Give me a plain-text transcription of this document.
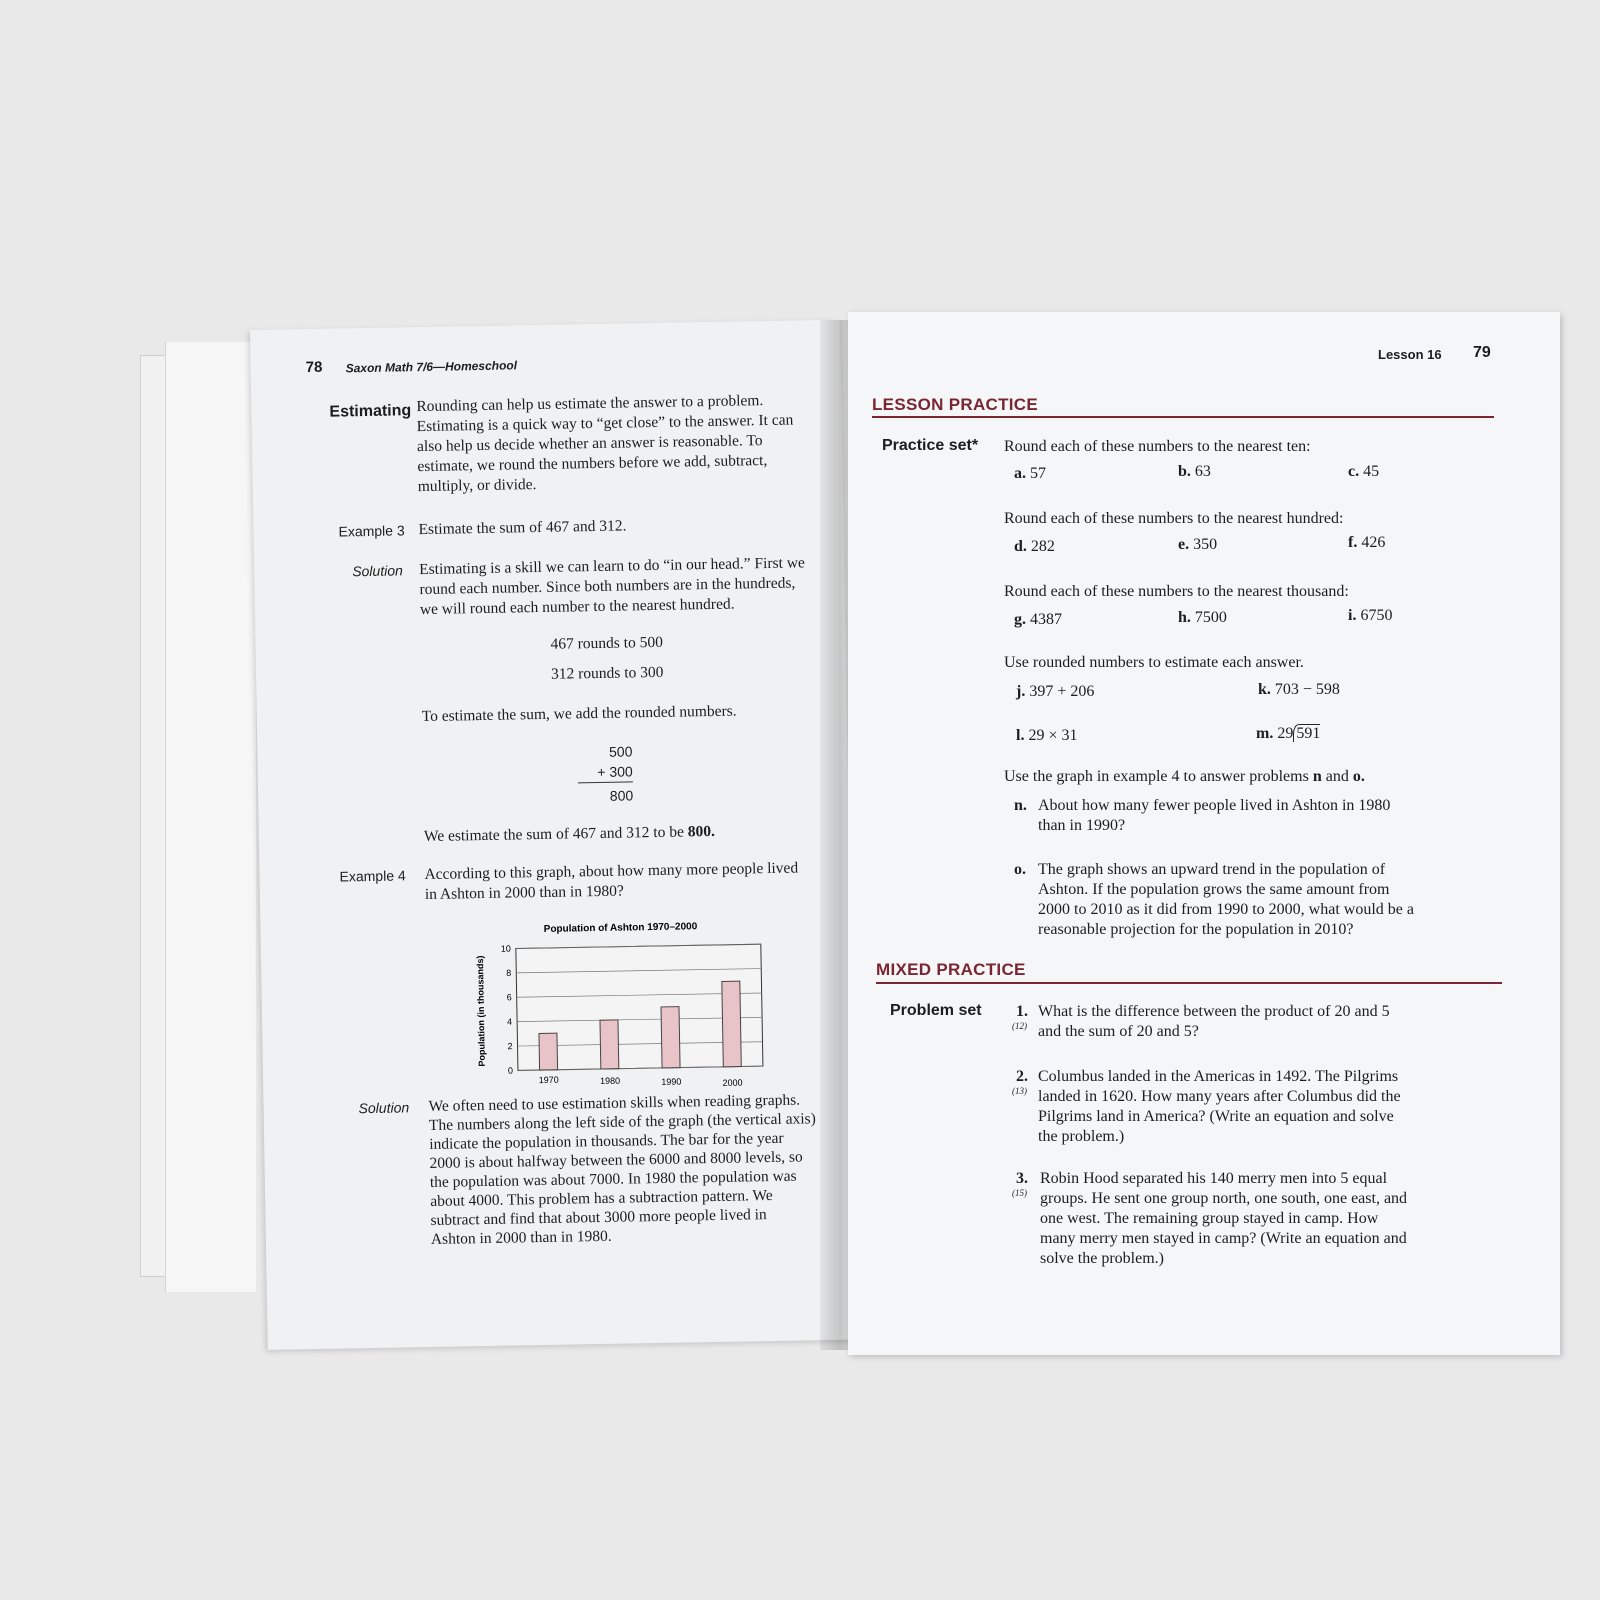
78 Saxon Math 7/6—Homeschool
Estimating Rounding can help us estimate the answer to a problem.
Estimating is a quick way to “get close” to the answer. It can
also help us decide whether an answer is reasonable. To
estimate, we round the numbers before we add, subtract,
multiply, or divide.
Example 3 Estimate the sum of 467 and 312.
Solution Estimating is a skill we can learn to do “in our head.” First we
round each number. Since both numbers are in the hundreds,
we will round each number to the nearest hundred.
467 rounds to 500
312 rounds to 300
To estimate the sum, we add the rounded numbers.
500
+ 300
800
We estimate the sum of 467 and 312 to be 800.
Example 4 According to this graph, about how many more people lived
in Ashton in 2000 than in 1980?
Population of Ashton 1970–2000
Population (in thousands)
0
2
4
6
8
10
1970	1980	1990	2000
Solution We often need to use estimation skills when reading graphs.
The numbers along the left side of the graph (the vertical axis)
indicate the population in thousands. The bar for the year
2000 is about halfway between the 6000 and 8000 levels, so
the population was about 7000. In 1980 the population was
about 4000. This problem has a subtraction pattern. We
subtract and find that about 3000 more people lived in
Ashton in 2000 than in 1980.
Lesson 16 79
LESSON PRACTICE
Practice set* Round each of these numbers to the nearest ten:
a. 57	b. 63	c. 45
Round each of these numbers to the nearest hundred:
d. 282	e. 350	f. 426
Round each of these numbers to the nearest thousand:
g. 4387	h. 7500	i. 6750
Use rounded numbers to estimate each answer.
j. 397 + 206	k. 703 − 598
l. 29 × 31	m. 29 591
Use the graph in example 4 to answer problems n and o.
n. About how many fewer people lived in Ashton in 1980
than in 1990?
o. The graph shows an upward trend in the population of
Ashton. If the population grows the same amount from
2000 to 2010 as it did from 1990 to 2000, what would be a
reasonable projection for the population in 2010?
MIXED PRACTICE
Problem set 1.
(12)
What is the difference between the product of 20 and 5
and the sum of 20 and 5?
2.
(13)
Columbus landed in the Americas in 1492. The Pilgrims
landed in 1620. How many years after Columbus did the
Pilgrims land in America? (Write an equation and solve
the problem.)
3.
(15)
Robin Hood separated his 140 merry men into 5 equal
groups. He sent one group north, one south, one east, and
one west. The remaining group stayed in camp. How
many merry men stayed in camp? (Write an equation and
solve the problem.)
